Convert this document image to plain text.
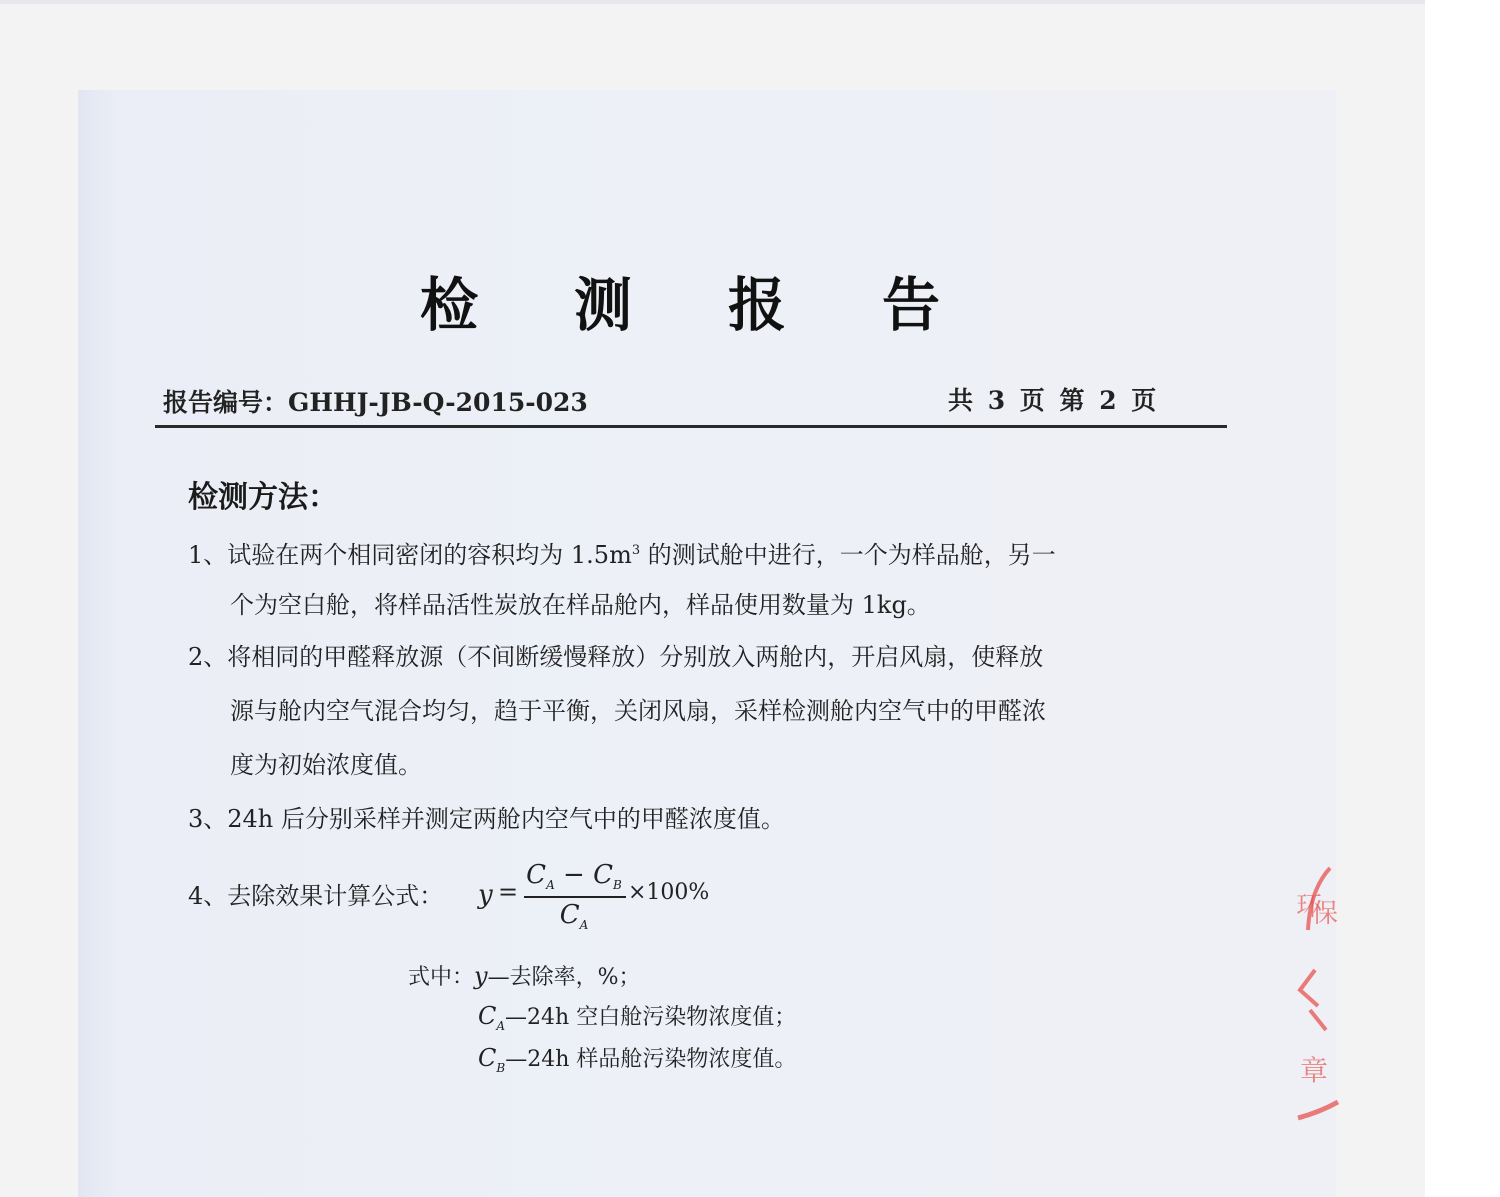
检 测 报 告
报告编号：GHHJ-JB-Q-2015-023	共 3 页 第 2 页
检测方法：
1、试验在两个相同密闭的容积均为 $1.5m^3$ 的测试舱中进行，一个为样品舱，另一
个为空白舱，将样品活性炭放在样品舱内，样品使用数量为 1kg。
2、将相同的甲醛释放源（不间断缓慢释放）分别放入两舱内，开启风扇，使释放
源与舱内空气混合均匀，趋于平衡，关闭风扇，采样检测舱内空气中的甲醛浓
度为初始浓度值。
3、24h 后分别采样并测定两舱内空气中的甲醛浓度值。
4、去除效果计算公式： y =
$C_A - C_B$
$C_A$
×100%
式中：y—去除率，%；
$C_A—24h$ 空白舱污染物浓度值；
$C_B—24h$ 样品舱污染物浓度值。
环
保
章
